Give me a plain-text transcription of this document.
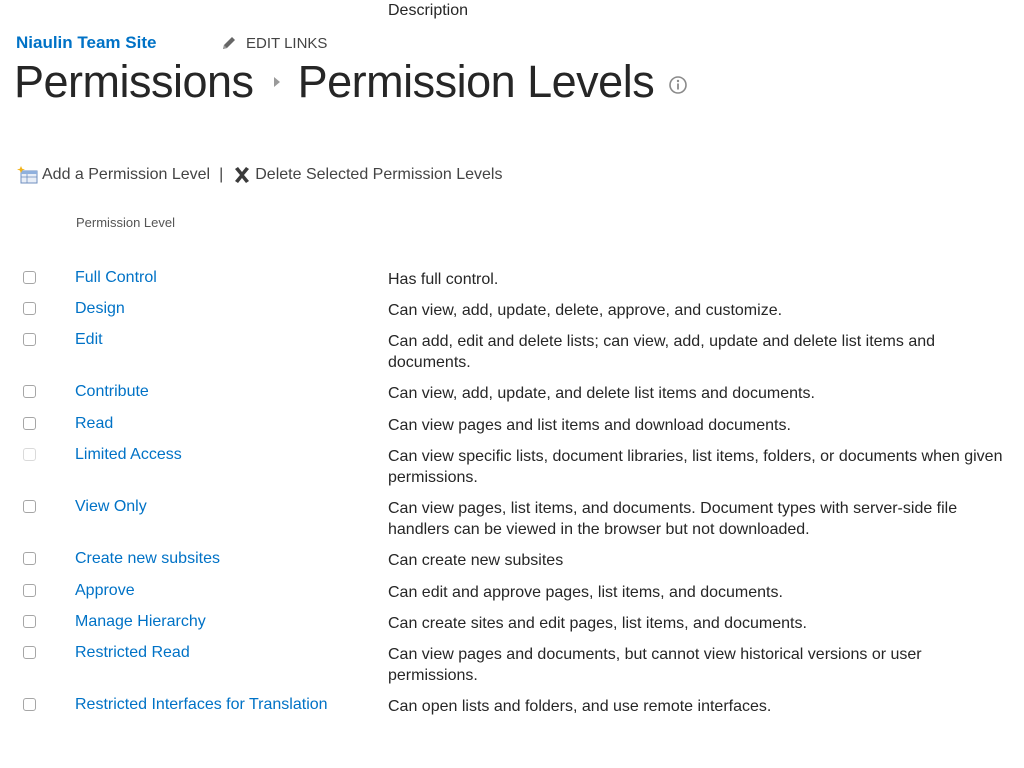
Niaulin Team Site	EDIT LINKS
Permissions Permission Levels
Add a Permission Level | Delete Selected Permission Levels
Permission Level
Description
Full Control	Has full control.
Design	Can view, add, update, delete, approve, and customize.
Edit	Can add, edit and delete lists; can view, add, update and delete list items and documents.
Contribute	Can view, add, update, and delete list items and documents.
Read	Can view pages and list items and download documents.
Limited Access	Can view specific lists, document libraries, list items, folders, or documents when given permissions.
View Only	Can view pages, list items, and documents. Document types with server-side file handlers can be viewed in the browser but not downloaded.
Create new subsites	Can create new subsites
Approve	Can edit and approve pages, list items, and documents.
Manage Hierarchy	Can create sites and edit pages, list items, and documents.
Restricted Read	Can view pages and documents, but cannot view historical versions or user permissions.
Restricted Interfaces for Translation	Can open lists and folders, and use remote interfaces.
